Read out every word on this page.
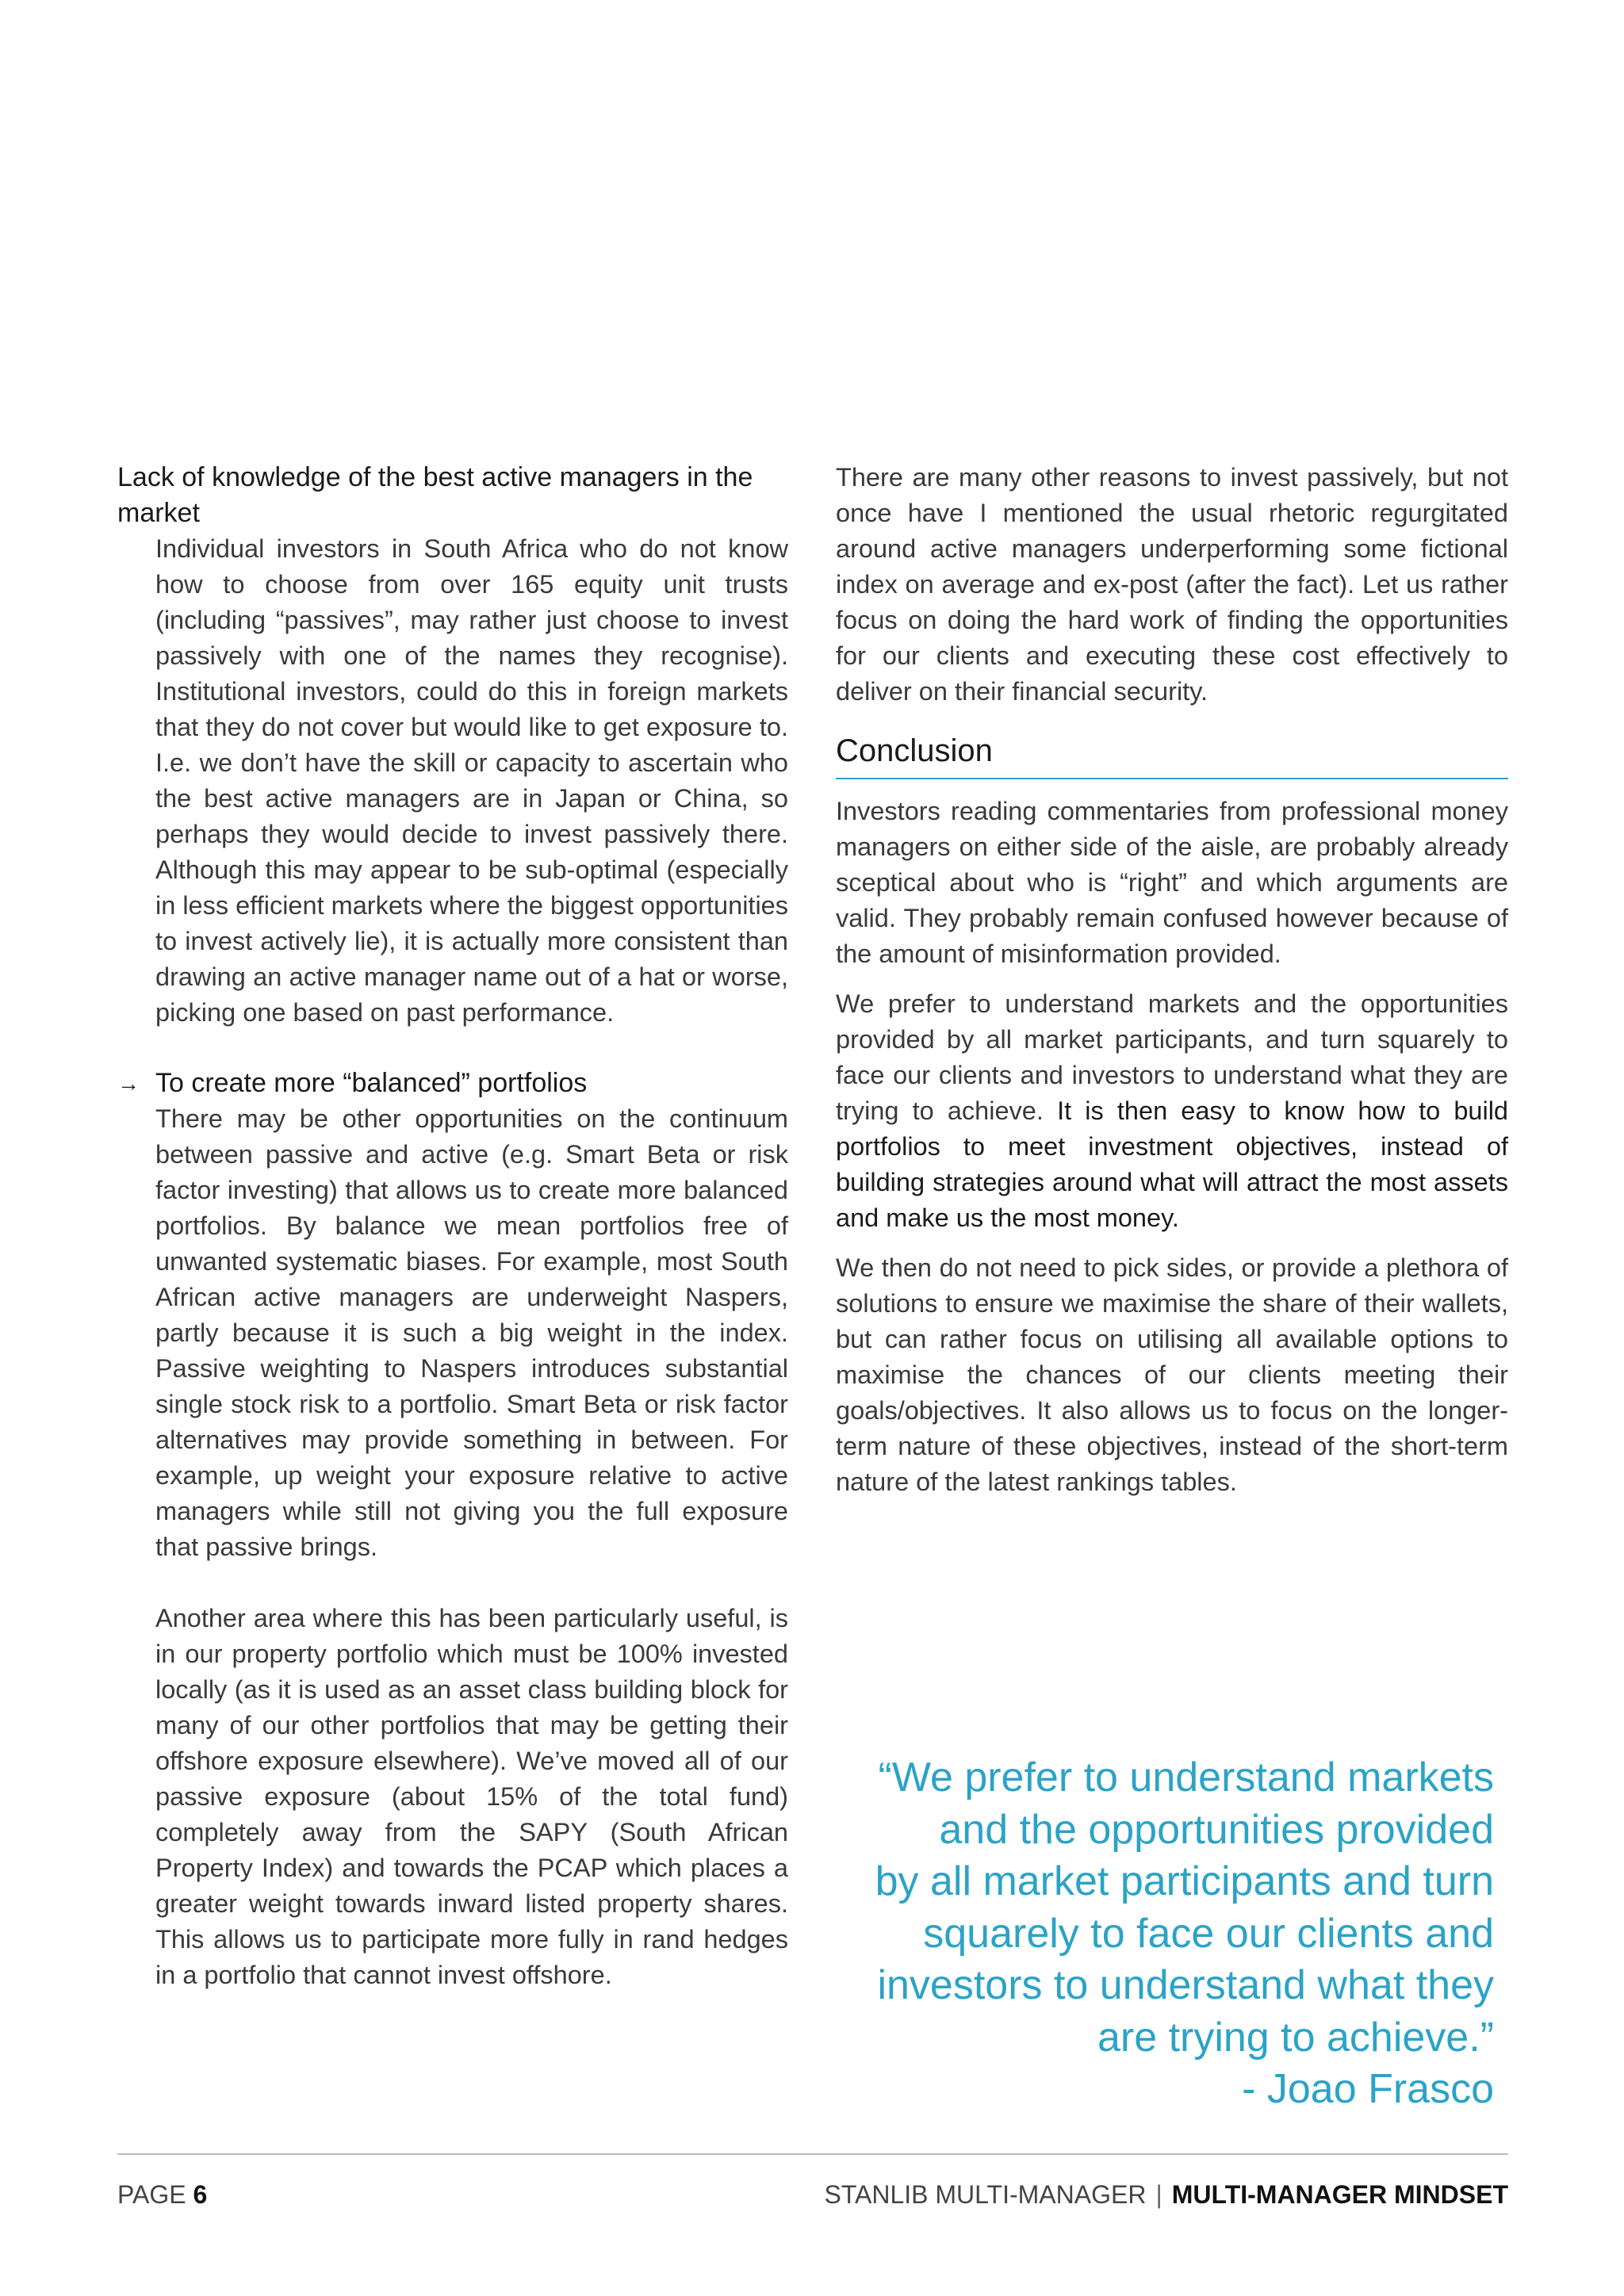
Lack of knowledge of the best active managers in the market

Individual investors in South Africa who do not know how to choose from over 165 equity unit trusts (including “passives”, may rather just choose to invest passively with one of the names they recognise). Institutional investors, could do this in foreign markets that they do not cover but would like to get exposure to. I.e. we don’t have the skill or capacity to ascertain who the best active managers are in Japan or China, so perhaps they would decide to invest passively there. Although this may appear to be sub-optimal (especially in less efficient markets where the biggest opportunities to invest actively lie), it is actually more consistent than drawing an active manager name out of a hat or worse, picking one based on past performance.

→ To create more “balanced” portfolios

There may be other opportunities on the continuum between passive and active (e.g. Smart Beta or risk factor investing) that allows us to create more balanced portfolios. By balance we mean portfolios free of unwanted systematic biases. For example, most South African active managers are underweight Naspers, partly because it is such a big weight in the index. Passive weighting to Naspers introduces substantial single stock risk to a portfolio. Smart Beta or risk factor alternatives may provide something in between. For example, up weight your exposure relative to active managers while still not giving you the full exposure that passive brings.

Another area where this has been particularly useful, is in our property portfolio which must be 100% invested locally (as it is used as an asset class building block for many of our other portfolios that may be getting their offshore exposure elsewhere). We’ve moved all of our passive exposure (about 15% of the total fund) completely away from the SAPY (South African Property Index) and towards the PCAP which places a greater weight towards inward listed property shares. This allows us to participate more fully in rand hedges in a portfolio that cannot invest offshore.

There are many other reasons to invest passively, but not once have I mentioned the usual rhetoric regurgitated around active managers underperforming some fictional index on average and ex-post (after the fact). Let us rather focus on doing the hard work of finding the opportunities for our clients and executing these cost effectively to deliver on their financial security.

Conclusion

Investors reading commentaries from professional money managers on either side of the aisle, are probably already sceptical about who is “right” and which arguments are valid. They probably remain confused however because of the amount of misinformation provided.

We prefer to understand markets and the opportunities provided by all market participants, and turn squarely to face our clients and investors to understand what they are trying to achieve. It is then easy to know how to build portfolios to meet investment objectives, instead of building strategies around what will attract the most assets and make us the most money.

We then do not need to pick sides, or provide a plethora of solutions to ensure we maximise the share of their wallets, but can rather focus on utilising all available options to maximise the chances of our clients meeting their goals/objectives. It also allows us to focus on the longer-term nature of these objectives, instead of the short-term nature of the latest rankings tables.

“We prefer to understand markets
and the opportunities provided
by all market participants and turn
squarely to face our clients and
investors to understand what they
are trying to achieve.”
- Joao Frasco
PAGE 6	STANLIB MULTI-MANAGER | MULTI-MANAGER MINDSET
